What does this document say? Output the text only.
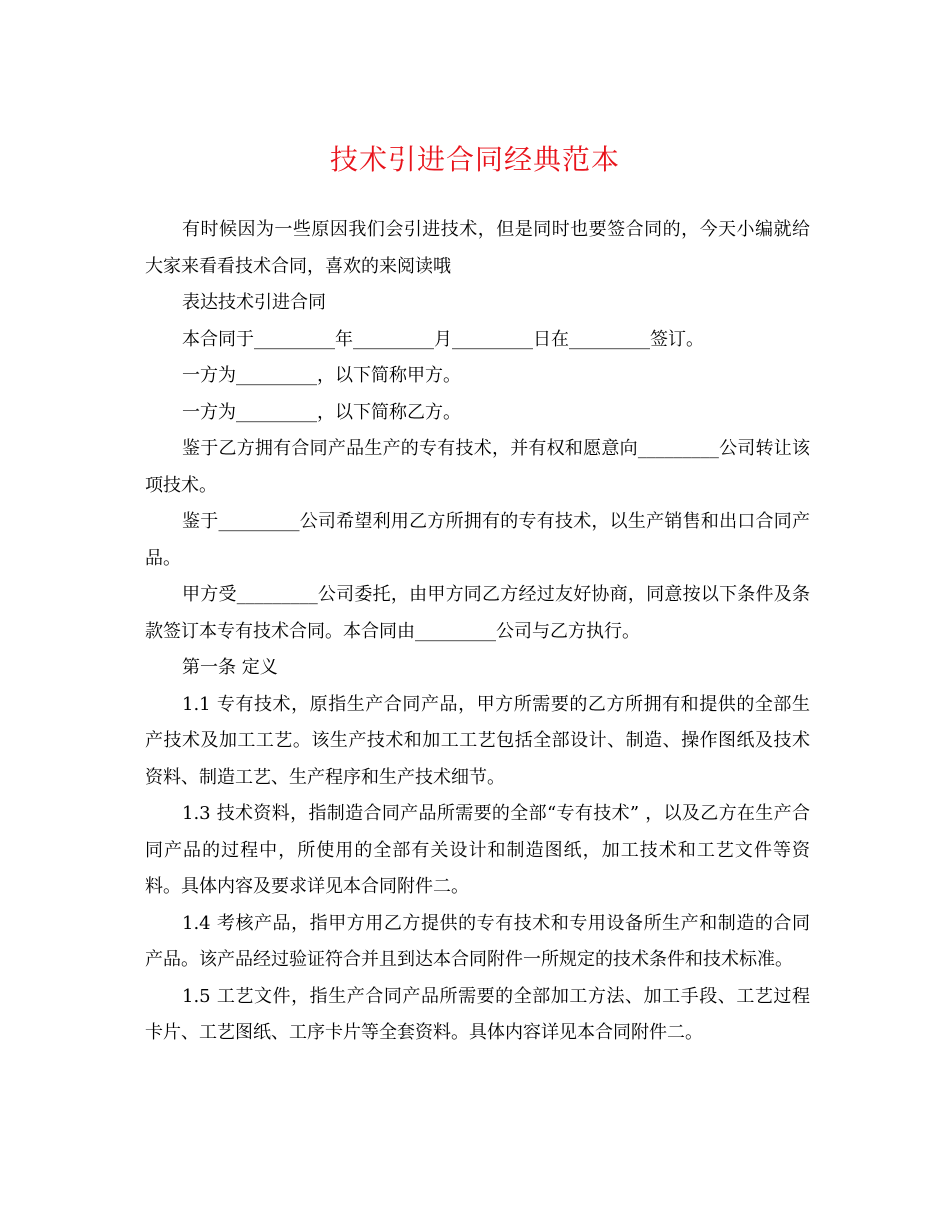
技术引进合同经典范本

有时候因为一些原因我们会引进技术，但是同时也要签合同的，今天小编就给大家来看看技术合同，喜欢的来阅读哦

表达技术引进合同

本合同于_________年_________月_________日在_________签订。

一方为_________，以下简称甲方。

一方为_________，以下简称乙方。

鉴于乙方拥有合同产品生产的专有技术，并有权和愿意向_________公司转让该项技术。

鉴于_________公司希望利用乙方所拥有的专有技术，以生产销售和出口合同产品。

甲方受_________公司委托，由甲方同乙方经过友好协商，同意按以下条件及条款签订本专有技术合同。本合同由_________公司与乙方执行。

第一条 定义

1.1 专有技术，原指生产合同产品，甲方所需要的乙方所拥有和提供的全部生产技术及加工工艺。该生产技术和加工工艺包括全部设计、制造、操作图纸及技术资料、制造工艺、生产程序和生产技术细节。

1.3 技术资料，指制造合同产品所需要的全部“专有技术” ，以及乙方在生产合同产品的过程中，所使用的全部有关设计和制造图纸，加工技术和工艺文件等资料。具体内容及要求详见本合同附件二。

1.4 考核产品，指甲方用乙方提供的专有技术和专用设备所生产和制造的合同产品。该产品经过验证符合并且到达本合同附件一所规定的技术条件和技术标准。

1.5 工艺文件，指生产合同产品所需要的全部加工方法、加工手段、工艺过程卡片、工艺图纸、工序卡片等全套资料。具体内容详见本合同附件二。
